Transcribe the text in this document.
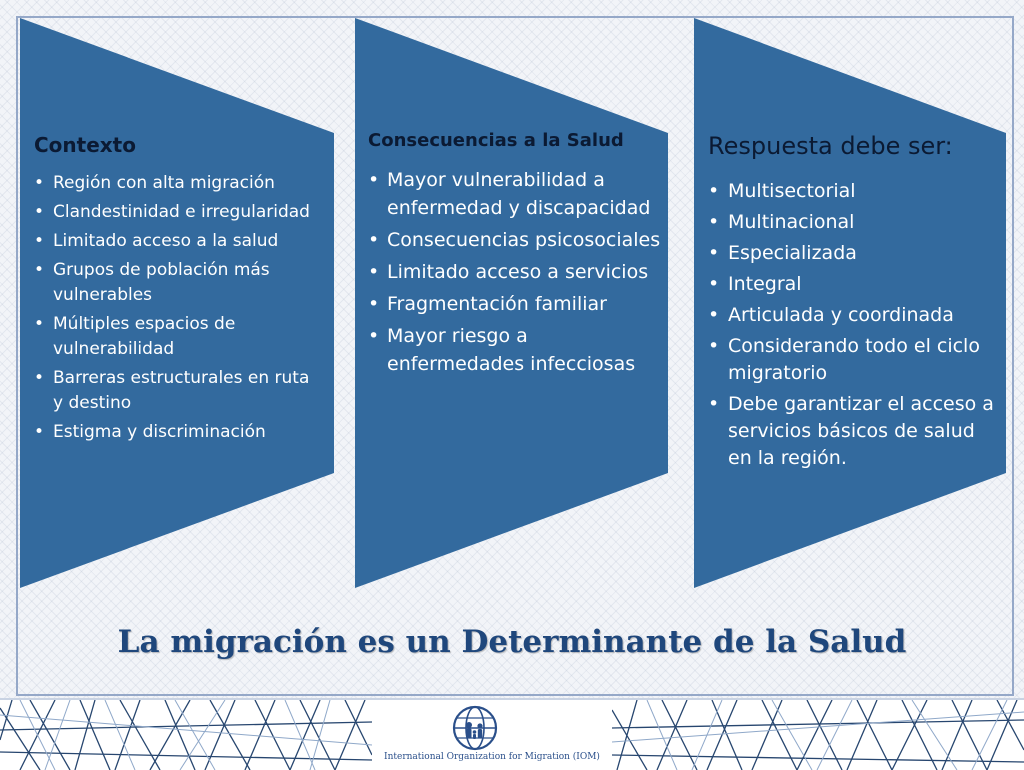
Contexto
• Región con alta migración
• Clandestinidad e irregularidad
• Limitado acceso a la salud
• Grupos de población más vulnerables
• Múltiples espacios de vulnerabilidad
• Barreras estructurales en ruta y destino
• Estigma y discriminación
Consecuencias a la Salud
• Mayor vulnerabilidad a enfermedad y discapacidad
• Consecuencias psicosociales
• Limitado acceso a servicios
• Fragmentación familiar
• Mayor riesgo a enfermedades infecciosas
Respuesta debe ser:
• Multisectorial
• Multinacional
• Especializada
• Integral
• Articulada y coordinada
• Considerando todo el ciclo migratorio
• Debe garantizar el acceso a servicios básicos de salud en la región.
La migración es un Determinante de la Salud
International Organization for Migration (IOM)
